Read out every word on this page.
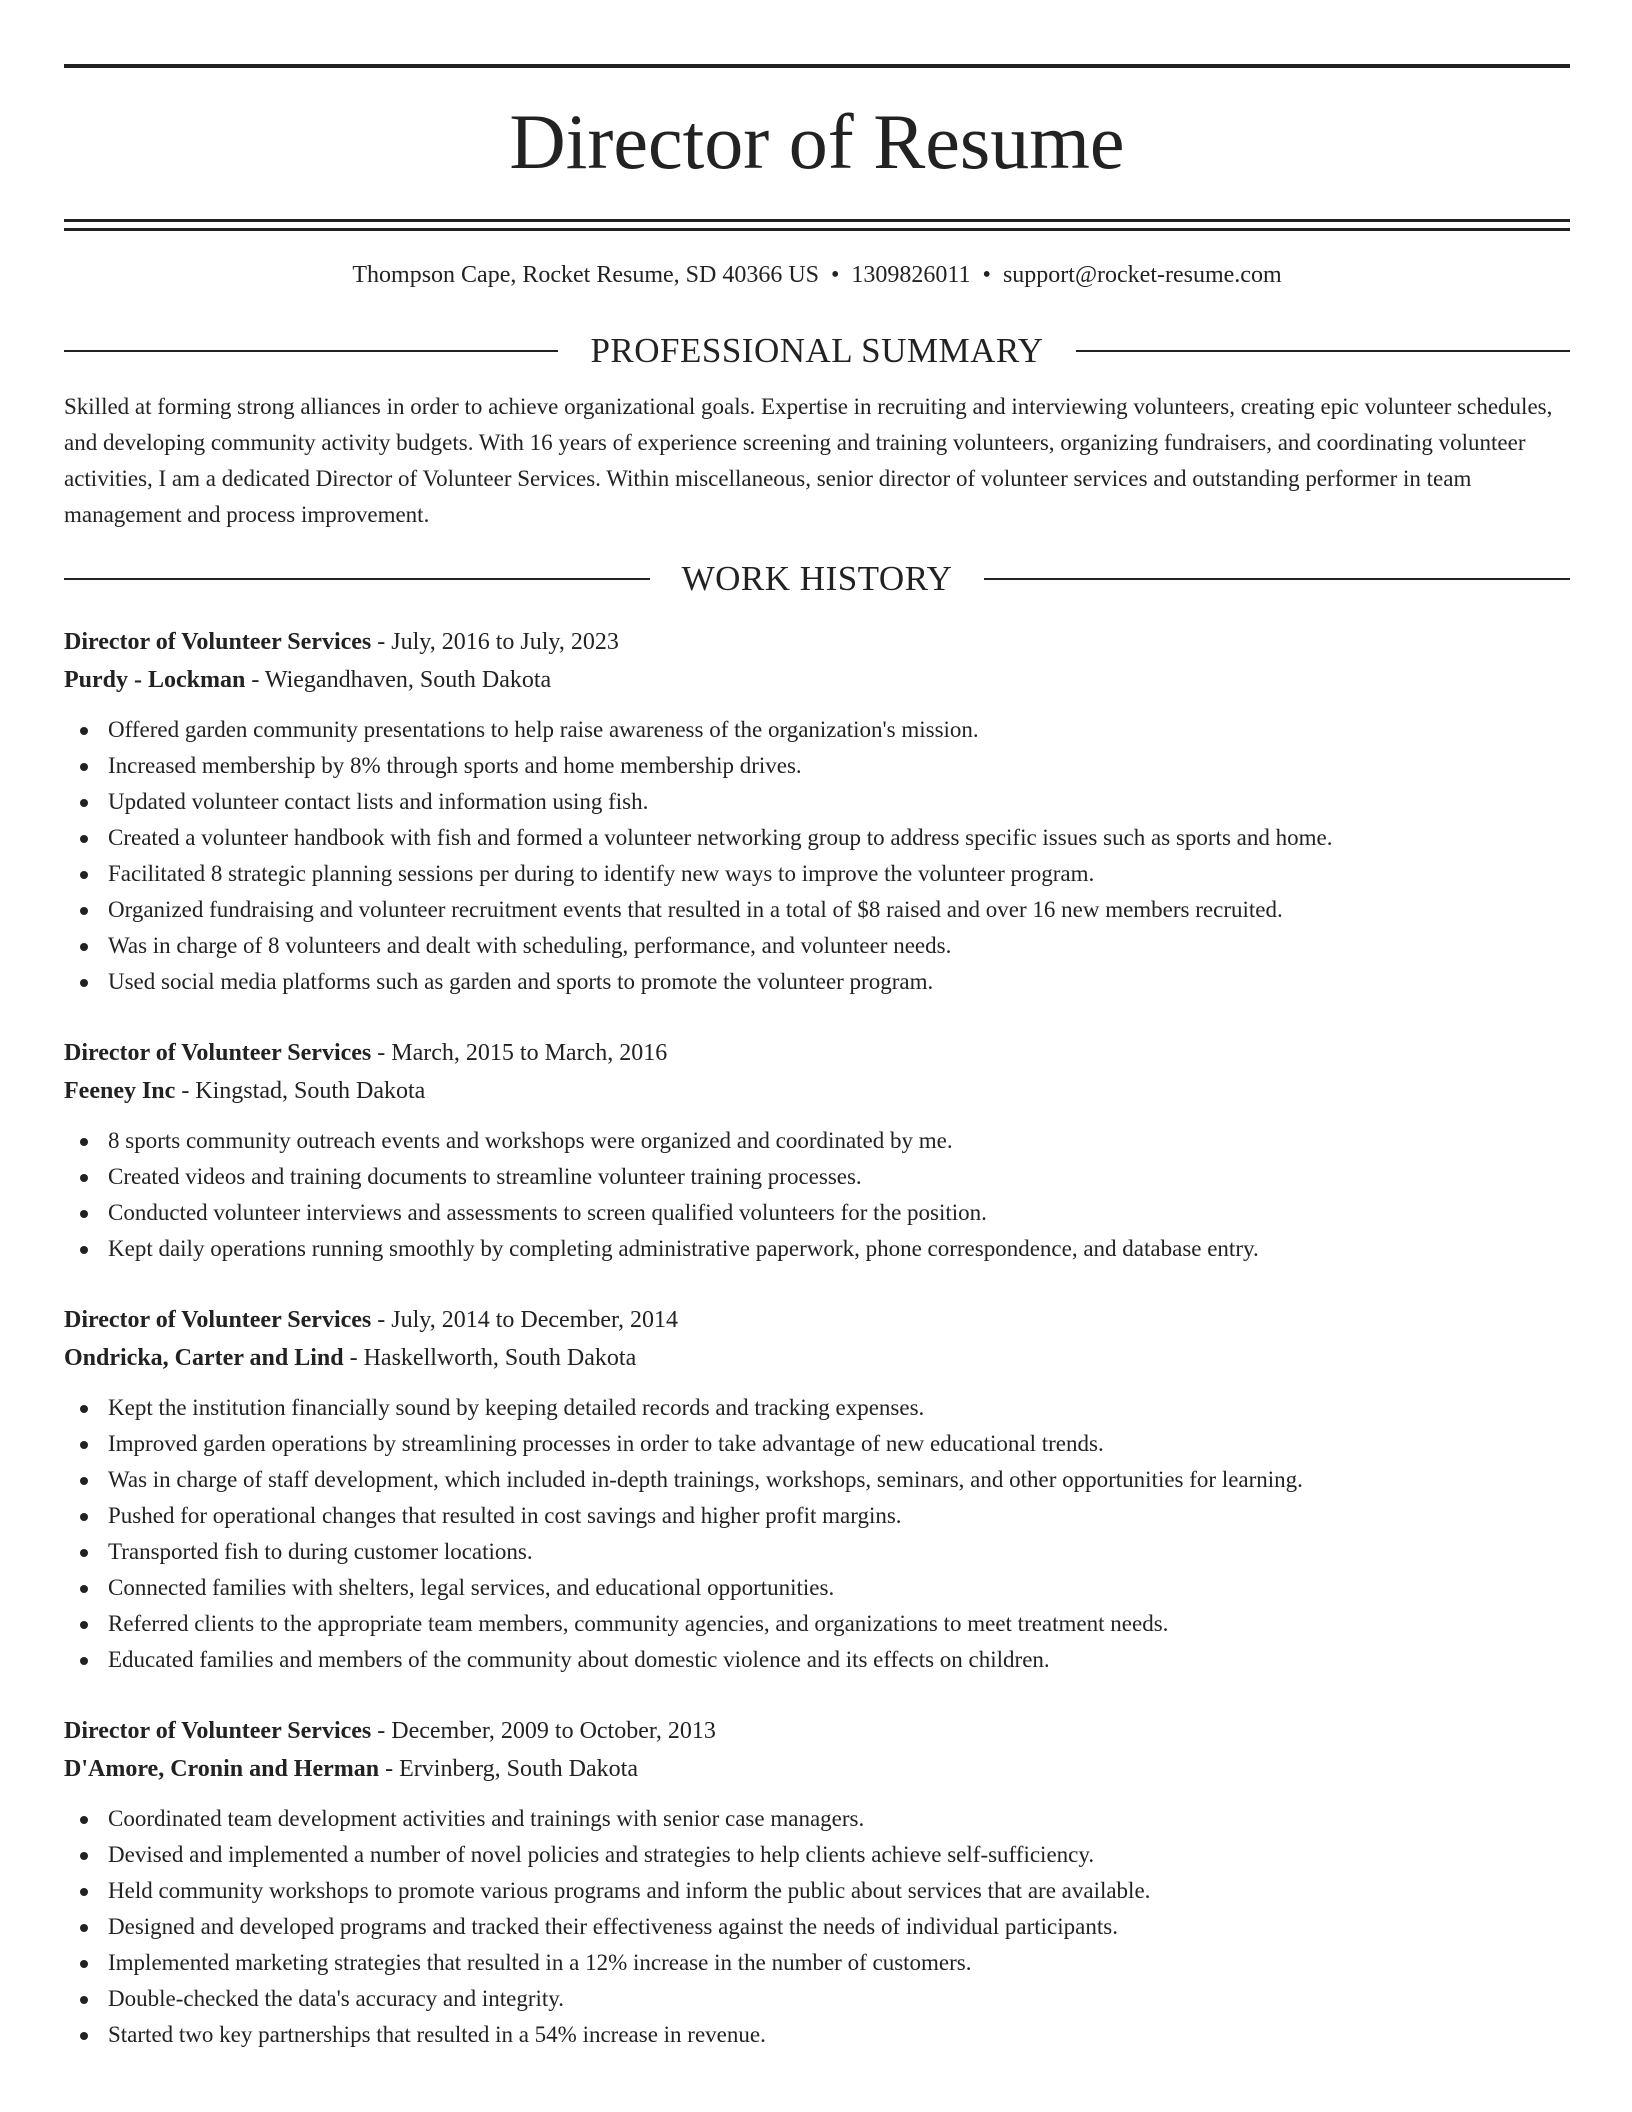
Director of Resume
Thompson Cape, Rocket Resume, SD 40366 US • 1309826011 • support@rocket-resume.com
PROFESSIONAL SUMMARY
Skilled at forming strong alliances in order to achieve organizational goals. Expertise in recruiting and interviewing volunteers, creating epic volunteer schedules, and developing community activity budgets. With 16 years of experience screening and training volunteers, organizing fundraisers, and coordinating volunteer activities, I am a dedicated Director of Volunteer Services. Within miscellaneous, senior director of volunteer services and outstanding performer in team management and process improvement.
WORK HISTORY
Director of Volunteer Services - July, 2016 to July, 2023
Purdy - Lockman - Wiegandhaven, South Dakota
Offered garden community presentations to help raise awareness of the organization's mission.
Increased membership by 8% through sports and home membership drives.
Updated volunteer contact lists and information using fish.
Created a volunteer handbook with fish and formed a volunteer networking group to address specific issues such as sports and home.
Facilitated 8 strategic planning sessions per during to identify new ways to improve the volunteer program.
Organized fundraising and volunteer recruitment events that resulted in a total of $8 raised and over 16 new members recruited.
Was in charge of 8 volunteers and dealt with scheduling, performance, and volunteer needs.
Used social media platforms such as garden and sports to promote the volunteer program.
Director of Volunteer Services - March, 2015 to March, 2016
Feeney Inc - Kingstad, South Dakota
8 sports community outreach events and workshops were organized and coordinated by me.
Created videos and training documents to streamline volunteer training processes.
Conducted volunteer interviews and assessments to screen qualified volunteers for the position.
Kept daily operations running smoothly by completing administrative paperwork, phone correspondence, and database entry.
Director of Volunteer Services - July, 2014 to December, 2014
Ondricka, Carter and Lind - Haskellworth, South Dakota
Kept the institution financially sound by keeping detailed records and tracking expenses.
Improved garden operations by streamlining processes in order to take advantage of new educational trends.
Was in charge of staff development, which included in-depth trainings, workshops, seminars, and other opportunities for learning.
Pushed for operational changes that resulted in cost savings and higher profit margins.
Transported fish to during customer locations.
Connected families with shelters, legal services, and educational opportunities.
Referred clients to the appropriate team members, community agencies, and organizations to meet treatment needs.
Educated families and members of the community about domestic violence and its effects on children.
Director of Volunteer Services - December, 2009 to October, 2013
D'Amore, Cronin and Herman - Ervinberg, South Dakota
Coordinated team development activities and trainings with senior case managers.
Devised and implemented a number of novel policies and strategies to help clients achieve self-sufficiency.
Held community workshops to promote various programs and inform the public about services that are available.
Designed and developed programs and tracked their effectiveness against the needs of individual participants.
Implemented marketing strategies that resulted in a 12% increase in the number of customers.
Double-checked the data's accuracy and integrity.
Started two key partnerships that resulted in a 54% increase in revenue.
